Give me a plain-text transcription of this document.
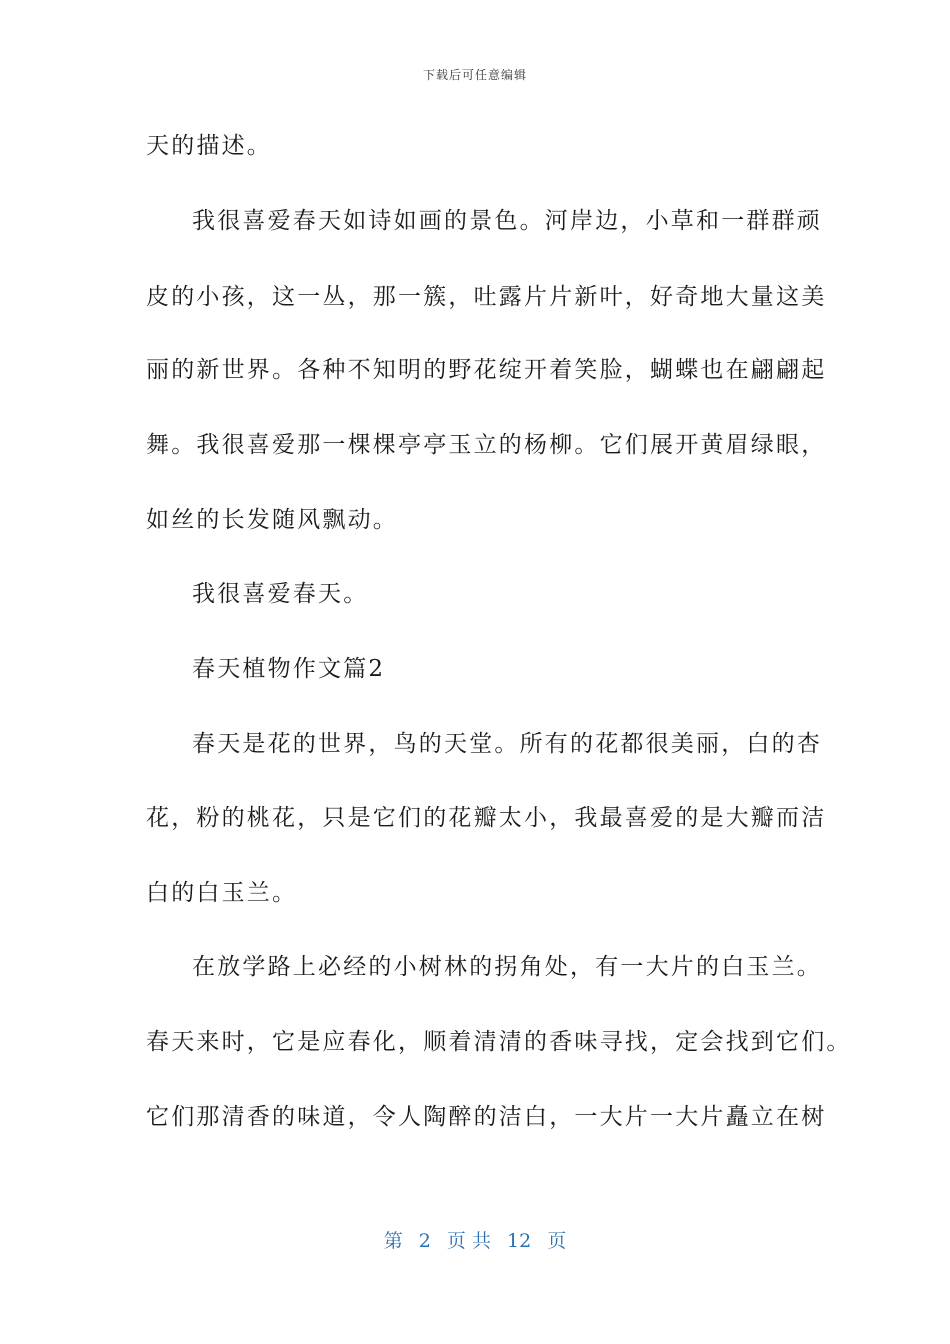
下载后可任意编辑
天的描述。
我很喜爱春天如诗如画的景色。河岸边，小草和一群群顽
皮的小孩，这一丛，那一簇，吐露片片新叶，好奇地大量这美
丽的新世界。各种不知明的野花绽开着笑脸，蝴蝶也在翩翩起
舞。我很喜爱那一棵棵亭亭玉立的杨柳。它们展开黄眉绿眼，
如丝的长发随风飘动。
我很喜爱春天。
春天植物作文篇2
春天是花的世界，鸟的天堂。所有的花都很美丽，白的杏
花，粉的桃花，只是它们的花瓣太小，我最喜爱的是大瓣而洁
白的白玉兰。
在放学路上必经的小树林的拐角处，有一大片的白玉兰。
春天来时，它是应春化，顺着清清的香味寻找，定会找到它们。
它们那清香的味道，令人陶醉的洁白，一大片一大片矗立在树
第 2 页 共 12 页
